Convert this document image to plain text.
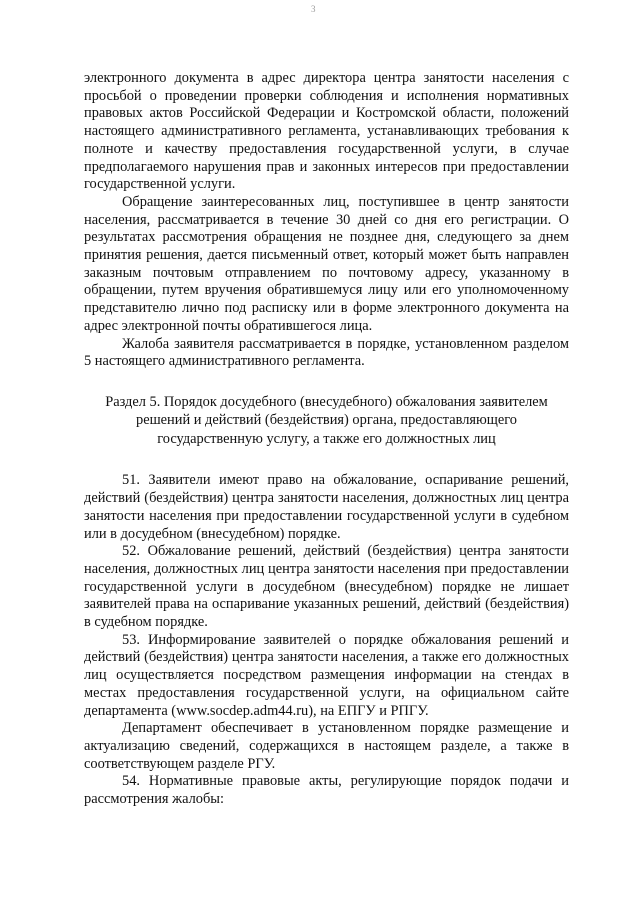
3

электронного документа в адрес директора центра занятости населения с просьбой о проведении проверки соблюдения и исполнения нормативных правовых актов Российской Федерации и Костромской области, положений настоящего административного регламента, устанавливающих требования к полноте и качеству предоставления государственной услуги, в случае предполагаемого нарушения прав и законных интересов при предоставлении государственной услуги.

Обращение заинтересованных лиц, поступившее в центр занятости населения, рассматривается в течение 30 дней со дня его регистрации. О результатах рассмотрения обращения не позднее дня, следующего за днем принятия решения, дается письменный ответ, который может быть направлен заказным почтовым отправлением по почтовому адресу, указанному в обращении, путем вручения обратившемуся лицу или его уполномоченному представителю лично под расписку или в форме электронного документа на адрес электронной почты обратившегося лица.

Жалоба заявителя рассматривается в порядке, установленном разделом 5 настоящего административного регламента.

Раздел 5. Порядок досудебного (внесудебного) обжалования заявителем решений и действий (бездействия) органа, предоставляющего государственную услугу, а также его должностных лиц

51. Заявители имеют право на обжалование, оспаривание решений, действий (бездействия) центра занятости населения, должностных лиц центра занятости населения при предоставлении государственной услуги в судебном или в досудебном (внесудебном) порядке.

52. Обжалование решений, действий (бездействия) центра занятости населения, должностных лиц центра занятости населения при предоставлении государственной услуги в досудебном (внесудебном) порядке не лишает заявителей права на оспаривание указанных решений, действий (бездействия) в судебном порядке.

53. Информирование заявителей о порядке обжалования решений и действий (бездействия) центра занятости населения, а также его должностных лиц осуществляется посредством размещения информации на стендах в местах предоставления государственной услуги, на официальном сайте департамента (www.socdep.adm44.ru), на ЕПГУ и РПГУ.

Департамент обеспечивает в установленном порядке размещение и актуализацию сведений, содержащихся в настоящем разделе, а также в соответствующем разделе РГУ.

54. Нормативные правовые акты, регулирующие порядок подачи и рассмотрения жалобы:
